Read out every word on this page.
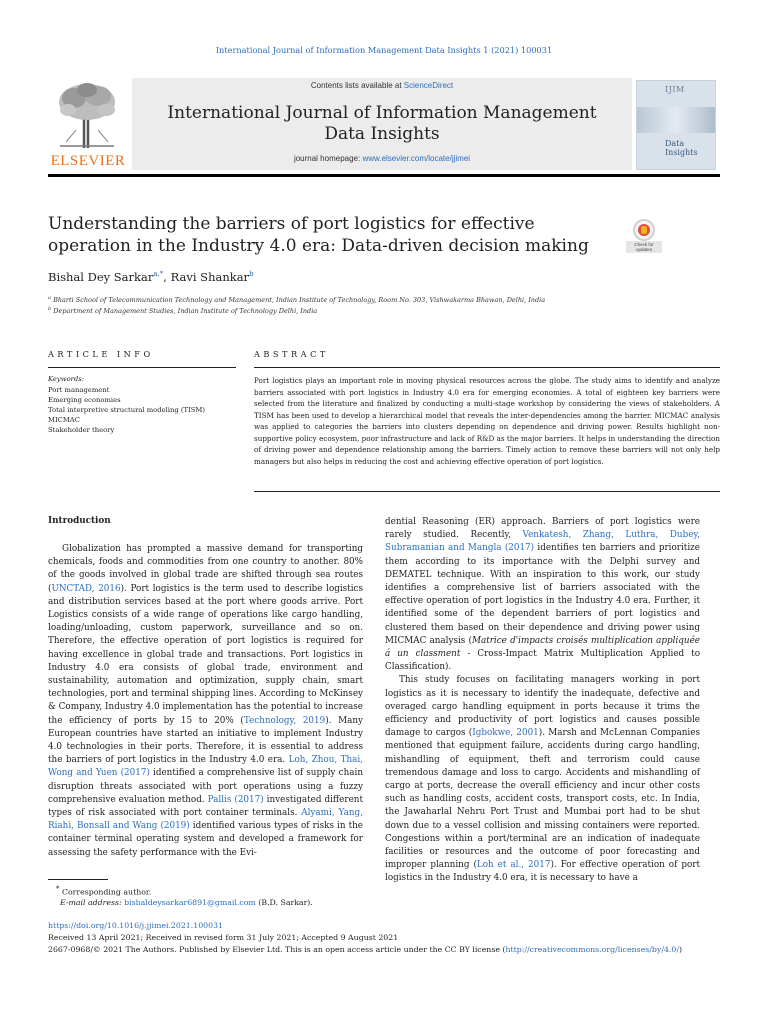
International Journal of Information Management Data Insights 1 (2021) 100031
ELSEVIER
Contents lists available at ScienceDirect
International Journal of Information Management Data Insights
journal homepage: www.elsevier.com/locate/jjimei
IJIM
Data Insights
Understanding the barriers of port logistics for effective operation in the Industry 4.0 era: Data-driven decision making	Check for updates
Bishal Dey Sarkar$^{a,*}$, Ravi Shankar$^b$
$^a$ Bharti School of Telecommunication Technology and Management, Indian Institute of Technology, Room No. 303, Vishwakarma Bhawan, Delhi, India
$^b$ Department of Management Studies, Indian Institute of Technology Delhi, India
ARTICLE INFO	ABSTRACT
Keywords:
Port management
Emerging economies
Total interpretive structural modeling (TISM)
MICMAC
Stakeholder theory
Port logistics plays an important role in moving physical resources across the globe. The study aims to identify and analyze barriers associated with port logistics in Industry 4.0 era for emerging economies. A total of eighteen key barriers were selected from the literature and finalized by conducting a multi-stage workshop by considering the views of stakeholders. A TISM has been used to develop a hierarchical model that reveals the inter-dependencies among the barrier. MICMAC analysis was applied to categories the barriers into clusters depending on dependence and driving power. Results highlight non-supportive policy ecosystem, poor infrastructure and lack of R&D as the major barriers. It helps in understanding the direction of driving power and dependence relationship among the barriers. Timely action to remove these barriers will not only help managers but also helps in reducing the cost and achieving effective operation of port logistics.
Introduction

Globalization has prompted a massive demand for transporting chemicals, foods and commodities from one country to another. 80% of the goods involved in global trade are shifted through sea routes (UNCTAD, 2016). Port logistics is the term used to describe logistics and distribution services based at the port where goods arrive. Port Logistics consists of a wide range of operations like cargo handling, loading/unloading, custom paperwork, surveillance and so on. Therefore, the effective operation of port logistics is required for having excellence in global trade and transactions. Port logistics in Industry 4.0 era consists of global trade, environment and sustainability, automation and optimization, supply chain, smart technologies, port and terminal shipping lines. According to McKinsey & Company, Industry 4.0 implementation has the potential to increase the efficiency of ports by 15 to 20% (Technology, 2019). Many European countries have started an initiative to implement Industry 4.0 technologies in their ports. Therefore, it is essential to address the barriers of port logistics in the Industry 4.0 era. Loh, Zhou, Thai, Wong and Yuen (2017) identified a comprehensive list of supply chain disruption threats associated with port operations using a fuzzy comprehensive evaluation method. Pallis (2017) investigated different types of risk associated with port container terminals. Alyami, Yang, Riahi, Bonsall and Wang (2019) identified various types of risks in the container terminal operating system and developed a framework for assessing the safety performance with the Evi-

dential Reasoning (ER) approach. Barriers of port logistics were rarely studied. Recently, Venkatesh, Zhang, Luthra, Dubey, Subramanian and Mangla (2017) identifies ten barriers and prioritize them according to its importance with the Delphi survey and DEMATEL technique. With an inspiration to this work, our study identifies a comprehensive list of barriers associated with the effective operation of port logistics in the Industry 4.0 era. Further, it identified some of the dependent barriers of port logistics and clustered them based on their dependence and driving power using MICMAC analysis (Matrice d'impacts croisés multiplication appliquée á un classment - Cross-Impact Matrix Multiplication Applied to Classification).

This study focuses on facilitating managers working in port logistics as it is necessary to identify the inadequate, defective and overaged cargo handling equipment in ports because it trims the efficiency and productivity of port logistics and causes possible damage to cargos (Igbokwe, 2001). Marsh and McLennan Companies mentioned that equipment failure, accidents during cargo handling, mishandling of equipment, theft and terrorism could cause tremendous damage and loss to cargo. Accidents and mishandling of cargo at ports, decrease the overall efficiency and incur other costs such as handling costs, accident costs, transport costs, etc. In India, the Jawaharlal Nehru Port Trust and Mumbai port had to be shut down due to a vessel collision and missing containers were reported. Congestions within a port/terminal are an indication of inadequate facilities or resources and the outcome of poor forecasting and improper planning (Loh et al., 2017). For effective operation of port logistics in the Industry 4.0 era, it is necessary to have a

* Corresponding author.
E-mail address: bishaldeysarkar6891@gmail.com (B.D. Sarkar).
https://doi.org/10.1016/j.jjimei.2021.100031
Received 13 April 2021; Received in revised form 31 July 2021; Accepted 9 August 2021
2667-0968/© 2021 The Authors. Published by Elsevier Ltd. This is an open access article under the CC BY license (http://creativecommons.org/licenses/by/4.0/)
